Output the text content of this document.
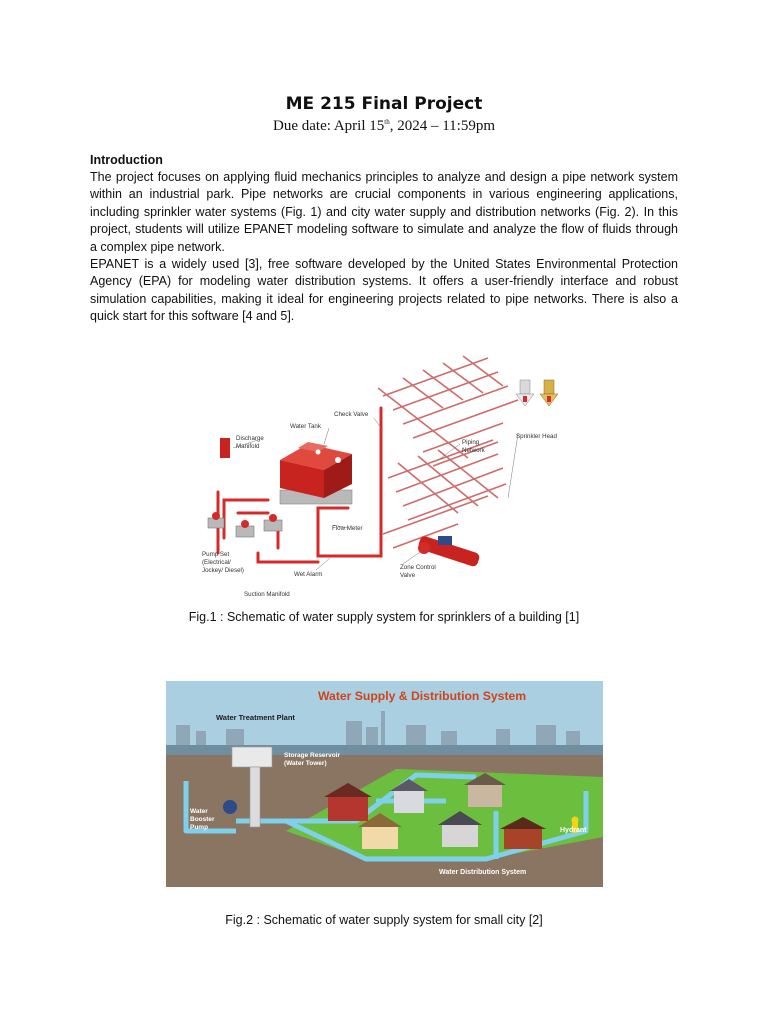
ME 215 Final Project
Due date: April 15th, 2024 – 11:59pm
Introduction

The project focuses on applying fluid mechanics principles to analyze and design a pipe network system within an industrial park. Pipe networks are crucial components in various engineering applications, including sprinkler water systems (Fig. 1) and city water supply and distribution networks (Fig. 2). In this project, students will utilize EPANET modeling software to simulate and analyze the flow of fluids through a complex pipe network.

EPANET is a widely used [3], free software developed by the United States Environmental Protection Agency (EPA) for modeling water distribution systems. It offers a user-friendly interface and robust simulation capabilities, making it ideal for engineering projects related to pipe networks. There is also a quick start for this software [4 and 5].

Check Valve
Water Tank
Discharge
Manifold
Piping
Network
Sprinkler Head
Flow Meter
Pump Set
(Electrical/
Jockey/ Diesel)
Wet Alarm
Zone Control
Valve
Suction Manifold
Fig.1 : Schematic of water supply system for sprinklers of a building [1]
Water Supply & Distribution System
Water Treatment Plant
Storage Reservoir
(Water Tower)
Water
Booster
Pump	Hydrant
Water Distribution System
Fig.2 : Schematic of water supply system for small city [2]
